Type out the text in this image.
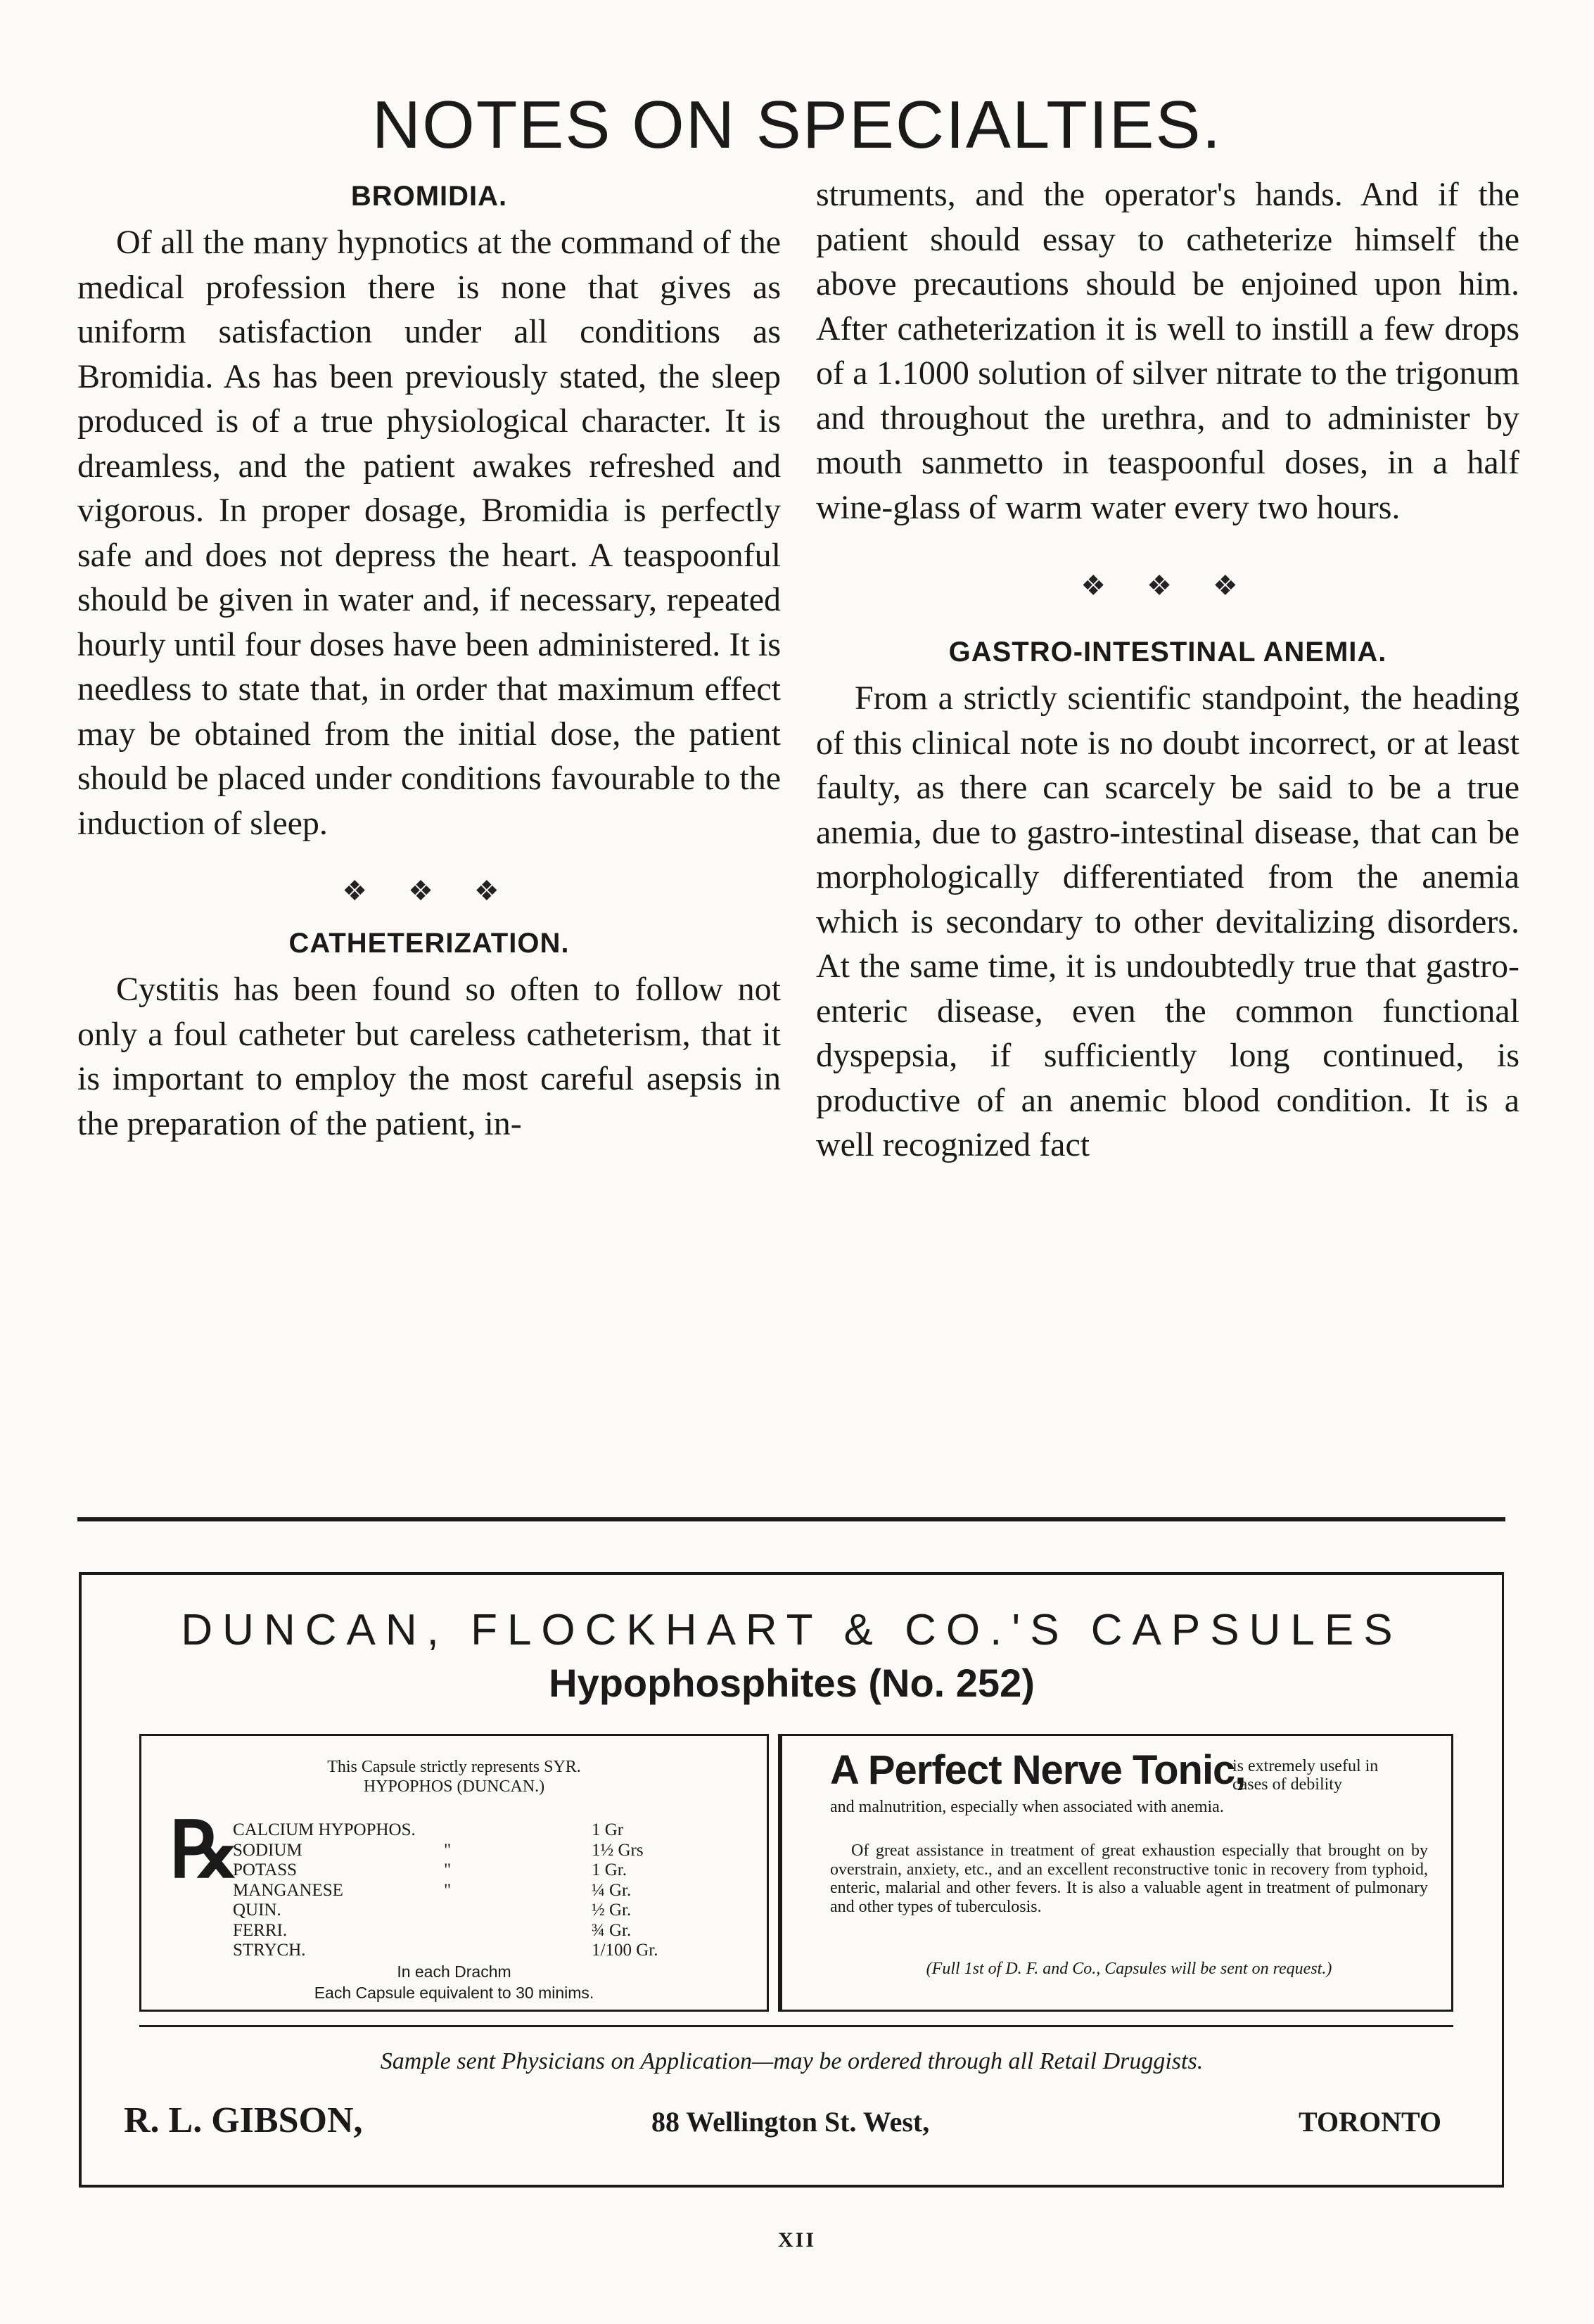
NOTES ON SPECIALTIES.
BROMIDIA.

Of all the many hypnotics at the command of the medical profession there is none that gives as uniform satisfaction under all conditions as Bromidia. As has been previously stated, the sleep produced is of a true physiological character. It is dreamless, and the patient awakes refreshed and vigorous. In proper dosage, Bromidia is perfectly safe and does not depress the heart. A teaspoonful should be given in water and, if necessary, repeated hourly until four doses have been administered. It is needless to state that, in order that maximum effect may be obtained from the initial dose, the patient should be placed under conditions favourable to the induction of sleep.

❖ ❖ ❖
CATHETERIZATION.

Cystitis has been found so often to follow not only a foul catheter but careless catheterism, that it is important to employ the most careful asepsis in the preparation of the patient, in-

struments, and the operator's hands. And if the patient should essay to catheterize himself the above precautions should be enjoined upon him. After catheterization it is well to instill a few drops of a 1.1000 solution of silver nitrate to the trigonum and throughout the urethra, and to administer by mouth sanmetto in teaspoonful doses, in a half wine-glass of warm water every two hours.

❖ ❖ ❖
GASTRO-INTESTINAL ANEMIA.

From a strictly scientific standpoint, the heading of this clinical note is no doubt incorrect, or at least faulty, as there can scarcely be said to be a true anemia, due to gastro-intestinal disease, that can be morphologically differentiated from the anemia which is secondary to other devitalizing disorders. At the same time, it is undoubtedly true that gastro-enteric disease, even the common functional dyspepsia, if sufficiently long continued, is productive of an anemic blood condition. It is a well recognized fact

DUNCAN, FLOCKHART & CO.'S CAPSULES
Hypophosphites (No. 252)
This Capsule strictly represents SYR.
HYPOPHOS (DUNCAN.)
℞
CALCIUM HYPOPHOS.	1 Gr
SODIUM	"	1½ Grs
POTASS	"	1 Gr.
MANGANESE	"	¼ Gr.
QUIN.	½ Gr.
FERRI.	¾ Gr.
STRYCH.	1/100 Gr.
In each Drachm
Each Capsule equivalent to 30 minims.
A Perfect Nerve Tonic,
is extremely useful in cases of debility
and malnutrition, especially when associated with anemia.
Of great assistance in treatment of great exhaustion especially that brought on by overstrain, anxiety, etc., and an excellent reconstructive tonic in recovery from typhoid, enteric, malarial and other fevers. It is also a valuable agent in treatment of pulmonary and other types of tuberculosis.
(Full 1st of D. F. and Co., Capsules will be sent on request.)
Sample sent Physicians on Application—may be ordered through all Retail Druggists.
R. L. GIBSON,	88 Wellington St. West,	TORONTO
XII
